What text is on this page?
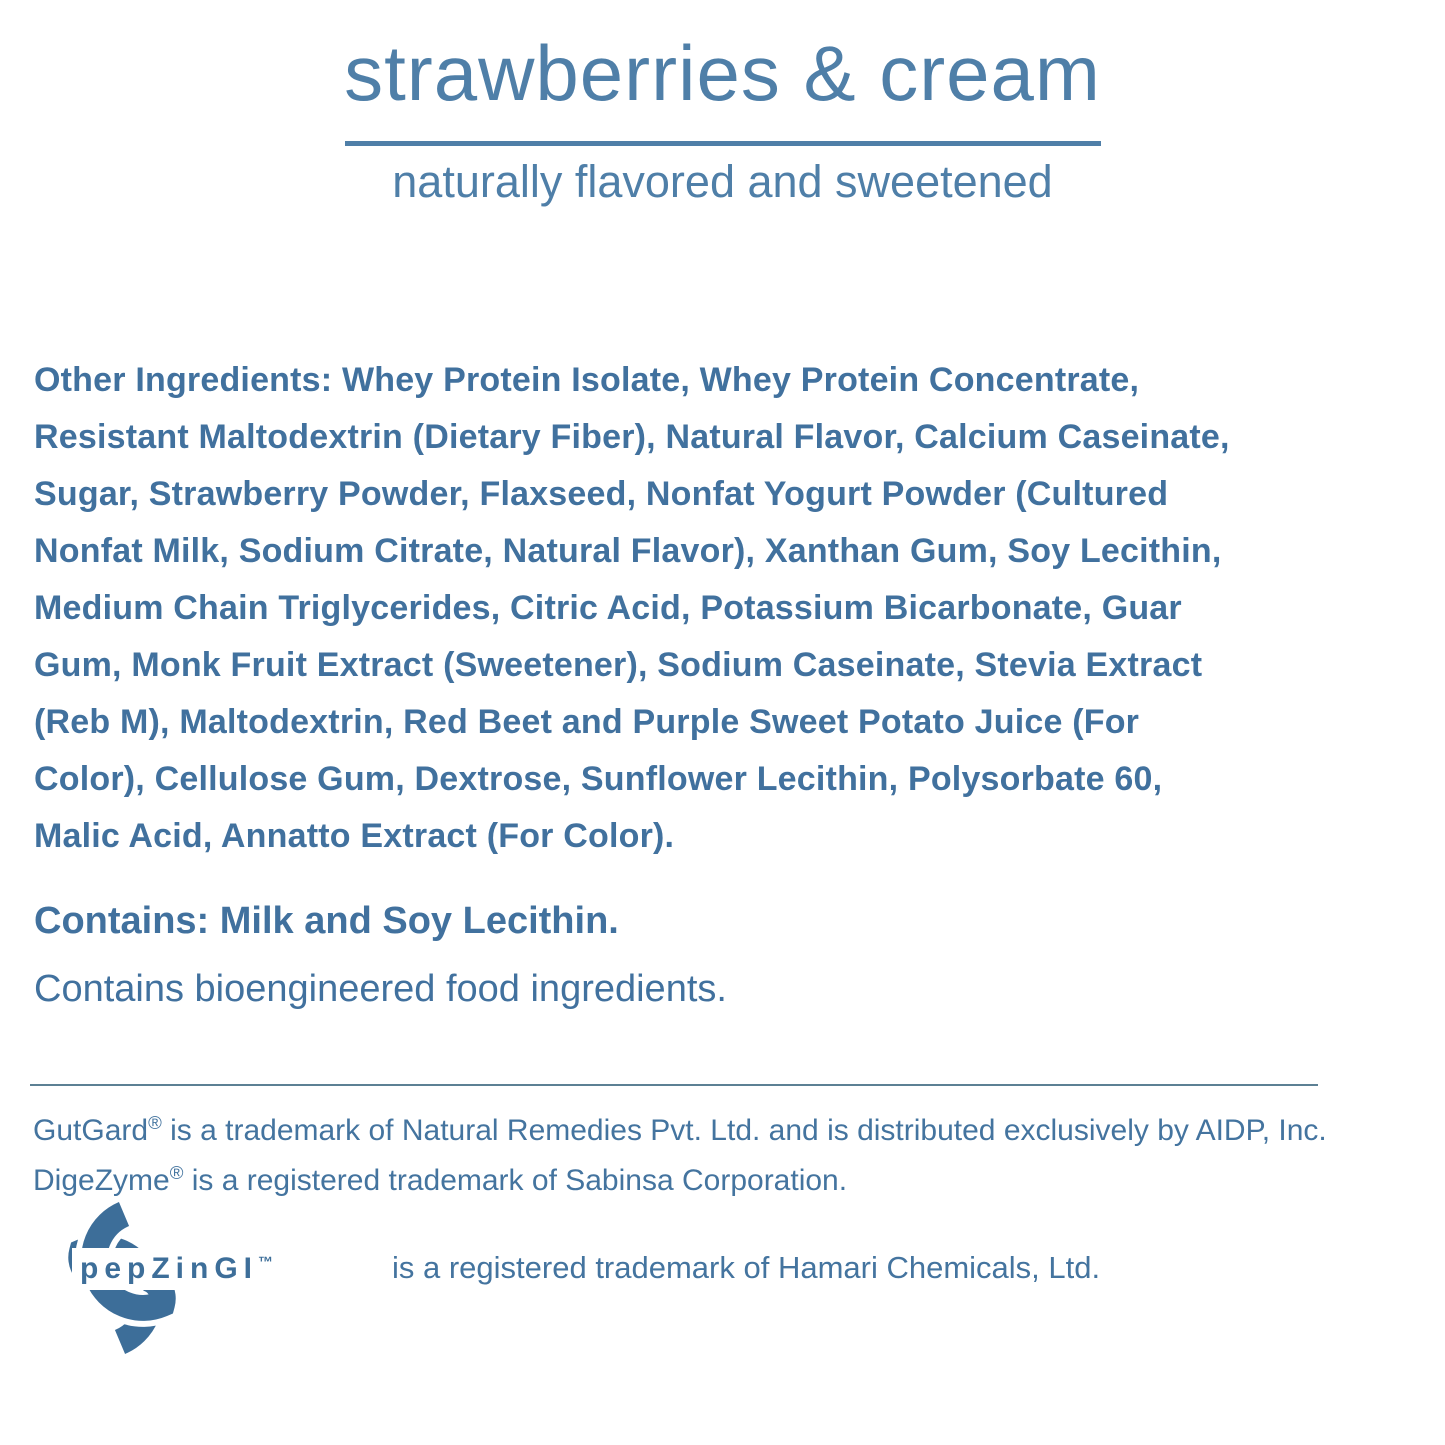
strawberries & cream
naturally flavored and sweetened
Other Ingredients: Whey Protein Isolate, Whey Protein Concentrate,
Resistant Maltodextrin (Dietary Fiber), Natural Flavor, Calcium Caseinate,
Sugar, Strawberry Powder, Flaxseed, Nonfat Yogurt Powder (Cultured
Nonfat Milk, Sodium Citrate, Natural Flavor), Xanthan Gum, Soy Lecithin,
Medium Chain Triglycerides, Citric Acid, Potassium Bicarbonate, Guar
Gum, Monk Fruit Extract (Sweetener), Sodium Caseinate, Stevia Extract
(Reb M), Maltodextrin, Red Beet and Purple Sweet Potato Juice (For
Color), Cellulose Gum, Dextrose, Sunflower Lecithin, Polysorbate 60,
Malic Acid, Annatto Extract (For Color).

Contains: Milk and Soy Lecithin.

Contains bioengineered food ingredients.

GutGard® is a trademark of Natural Remedies Pvt. Ltd. and is distributed exclusively by AIDP, Inc.

DigeZyme® is a registered trademark of Sabinsa Corporation.

pepZinGI™	is a registered trademark of Hamari Chemicals, Ltd.
